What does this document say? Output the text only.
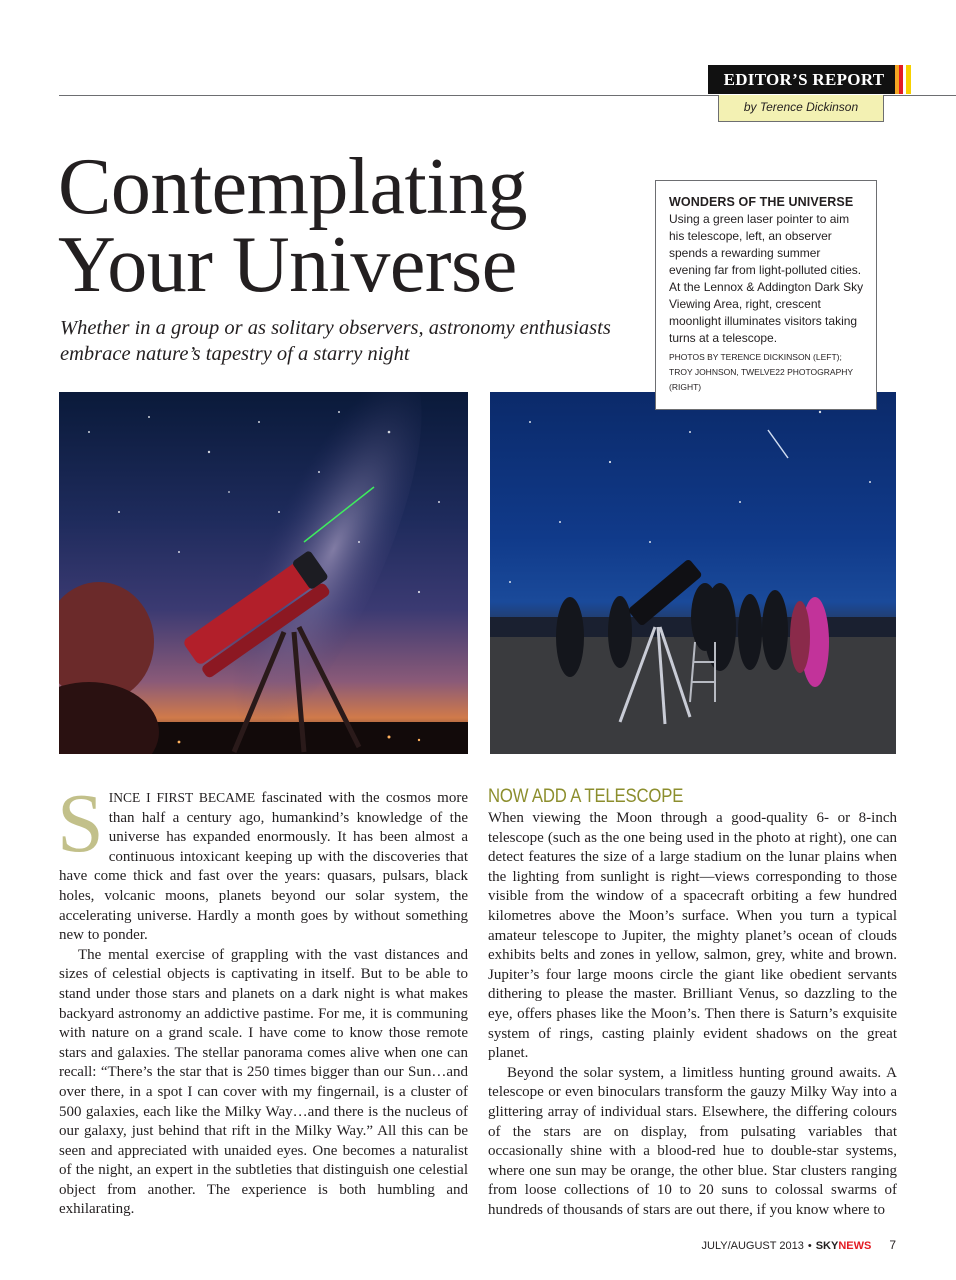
EDITOR’S REPORT
by Terence Dickinson
Contemplating
Your Universe

Whether in a group or as solitary observers, astronomy enthusiasts embrace nature’s tapestry of a starry night

WONDERS OF THE UNIVERSE
Using a green laser pointer to aim his telescope, left, an observer spends a rewarding summer evening far from light-polluted cities. At the Lennox & Addington Dark Sky Viewing Area, right, crescent moonlight illuminates visitors taking turns at a telescope.
PHOTOS BY TERENCE DICKINSON (LEFT); TROY JOHNSON, TWELVE22 PHOTOGRAPHY (RIGHT)

SINCE I FIRST BECAME fascinated with the cosmos more than half a century ago, humankind’s knowledge of the universe has expanded enormously. It has been almost a continuous intoxicant keeping up with the discoveries that have come thick and fast over the years: quasars, pulsars, black holes, volcanic moons, planets beyond our solar system, the accelerating universe. Hardly a month goes by without something new to ponder.

The mental exercise of grappling with the vast distances and sizes of celestial objects is captivating in itself. But to be able to stand under those stars and planets on a dark night is what makes backyard astronomy an addictive pastime. For me, it is communing with nature on a grand scale. I have come to know those remote stars and galaxies. The stellar panorama comes alive when one can recall: “There’s the star that is 250 times bigger than our Sun…and over there, in a spot I can cover with my fingernail, is a cluster of 500 galaxies, each like the Milky Way…and there is the nucleus of our galaxy, just behind that rift in the Milky Way.” All this can be seen and appreciated with unaided eyes. One becomes a naturalist of the night, an expert in the subtleties that distinguish one celestial object from another. The experience is both humbling and exhilarating.

NOW ADD A TELESCOPE

When viewing the Moon through a good-quality 6- or 8-inch telescope (such as the one being used in the photo at right), one can detect features the size of a large stadium on the lunar plains when the lighting from sunlight is right—views corresponding to those visible from the window of a spacecraft orbiting a few hundred kilometres above the Moon’s surface. When you turn a typical amateur telescope to Jupiter, the mighty planet’s ocean of clouds exhibits belts and zones in yellow, salmon, grey, white and brown. Jupiter’s four large moons circle the giant like obedient servants dithering to please the master. Brilliant Venus, so dazzling to the eye, offers phases like the Moon’s. Then there is Saturn’s exquisite system of rings, casting plainly evident shadows on the great planet.

Beyond the solar system, a limitless hunting ground awaits. A telescope or even binoculars transform the gauzy Milky Way into a glittering array of individual stars. Elsewhere, the differing colours of the stars are on display, from pulsating variables that occasionally shine with a blood-red hue to double-star systems, where one sun may be orange, the other blue. Star clusters ranging from loose collections of 10 to 20 suns to colossal swarms of hundreds of thousands of stars are out there, if you know where to

JULY/AUGUST 2013 • SKY NEWS 7
